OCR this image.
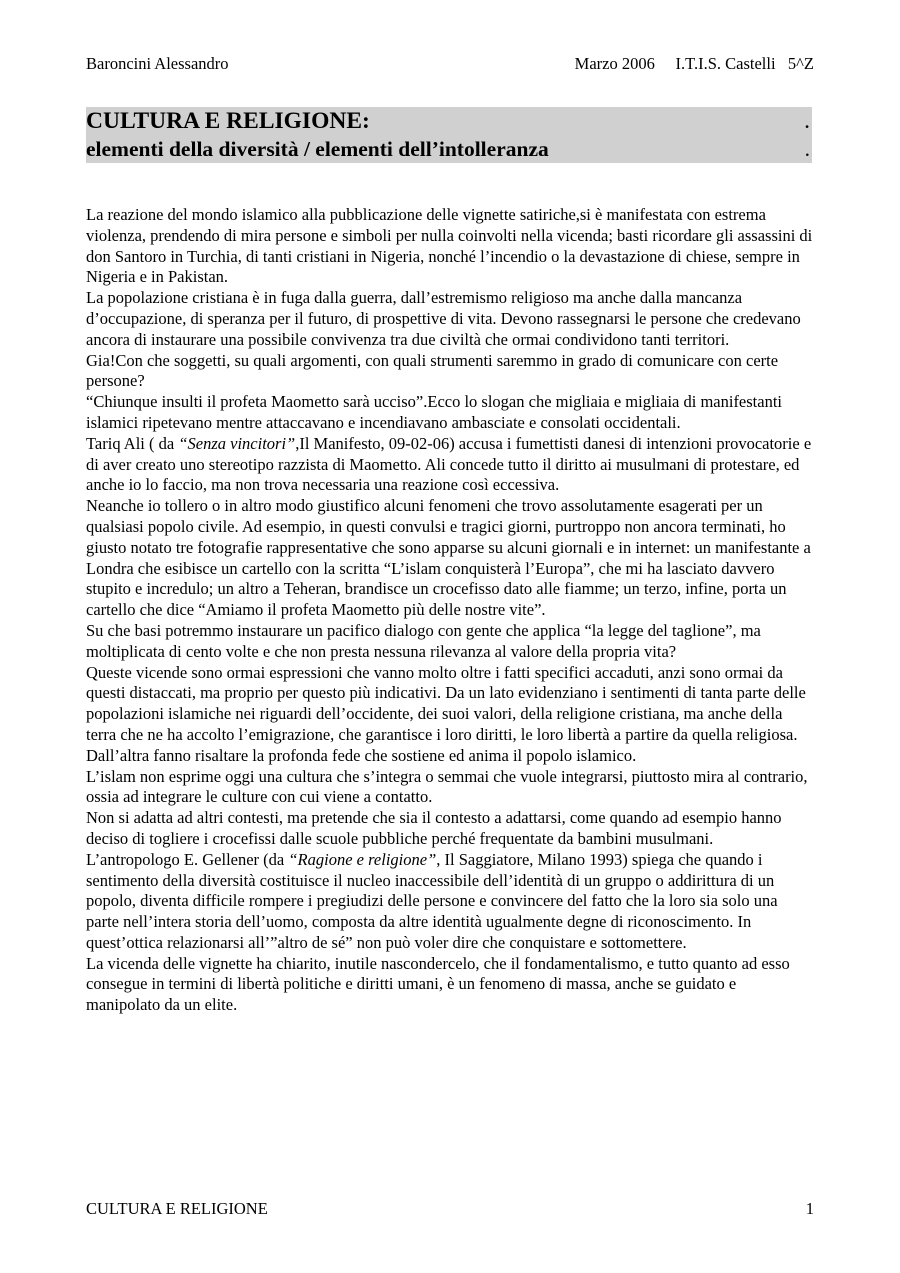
Baroncini Alessandro	Marzo 2006 I.T.I.S. Castelli 5^Z
CULTURA E RELIGIONE:	.
elementi della diversità / elementi dell’intolleranza	.

La reazione del mondo islamico alla pubblicazione delle vignette satiriche,si è manifestata con estrema violenza, prendendo di mira persone e simboli per nulla coinvolti nella vicenda; basti ricordare gli assassini di don Santoro in Turchia, di tanti cristiani in Nigeria, nonché l’incendio o la devastazione di chiese, sempre in Nigeria e in Pakistan.

La popolazione cristiana è in fuga dalla guerra, dall’estremismo religioso ma anche dalla mancanza d’occupazione, di speranza per il futuro, di prospettive di vita. Devono rassegnarsi le persone che credevano ancora di instaurare una possibile convivenza tra due civiltà che ormai condividono tanti territori.

Gia!Con che soggetti, su quali argomenti, con quali strumenti saremmo in grado di comunicare con certe persone?

“Chiunque insulti il profeta Maometto sarà ucciso”.Ecco lo slogan che migliaia e migliaia di manifestanti islamici ripetevano mentre attaccavano e incendiavano ambasciate e consolati occidentali.

Tariq Ali ( da “Senza vincitori”,Il Manifesto, 09-02-06) accusa i fumettisti danesi di intenzioni provocatorie e di aver creato uno stereotipo razzista di Maometto. Ali concede tutto il diritto ai musulmani di protestare, ed anche io lo faccio, ma non trova necessaria una reazione così eccessiva.

Neanche io tollero o in altro modo giustifico alcuni fenomeni che trovo assolutamente esagerati per un qualsiasi popolo civile. Ad esempio, in questi convulsi e tragici giorni, purtroppo non ancora terminati, ho giusto notato tre fotografie rappresentative che sono apparse su alcuni giornali e in internet: un manifestante a Londra che esibisce un cartello con la scritta “L’islam conquisterà l’Europa”, che mi ha lasciato davvero stupito e incredulo; un altro a Teheran, brandisce un crocefisso dato alle fiamme; un terzo, infine, porta un cartello che dice “Amiamo il profeta Maometto più delle nostre vite”.

Su che basi potremmo instaurare un pacifico dialogo con gente che applica “la legge del taglione”, ma moltiplicata di cento volte e che non presta nessuna rilevanza al valore della propria vita?

Queste vicende sono ormai espressioni che vanno molto oltre i fatti specifici accaduti, anzi sono ormai da questi distaccati, ma proprio per questo più indicativi. Da un lato evidenziano i sentimenti di tanta parte delle popolazioni islamiche nei riguardi dell’occidente, dei suoi valori, della religione cristiana, ma anche della terra che ne ha accolto l’emigrazione, che garantisce i loro diritti, le loro libertà a partire da quella religiosa. Dall’altra fanno risaltare la profonda fede che sostiene ed anima il popolo islamico.

L’islam non esprime oggi una cultura che s’integra o semmai che vuole integrarsi, piuttosto mira al contrario, ossia ad integrare le culture con cui viene a contatto.

Non si adatta ad altri contesti, ma pretende che sia il contesto a adattarsi, come quando ad esempio hanno deciso di togliere i crocefissi dalle scuole pubbliche perché frequentate da bambini musulmani.

L’antropologo E. Gellener (da “Ragione e religione”, Il Saggiatore, Milano 1993) spiega che quando i sentimento della diversità costituisce il nucleo inaccessibile dell’identità di un gruppo o addirittura di un popolo, diventa difficile rompere i pregiudizi delle persone e convincere del fatto che la loro sia solo una parte nell’intera storia dell’uomo, composta da altre identità ugualmente degne di riconoscimento. In quest’ottica relazionarsi all’”altro de sé” non può voler dire che conquistare e sottomettere.

La vicenda delle vignette ha chiarito, inutile nascondercelo, che il fondamentalismo, e tutto quanto ad esso consegue in termini di libertà politiche e diritti umani, è un fenomeno di massa, anche se guidato e manipolato da un elite.

CULTURA E RELIGIONE	1
